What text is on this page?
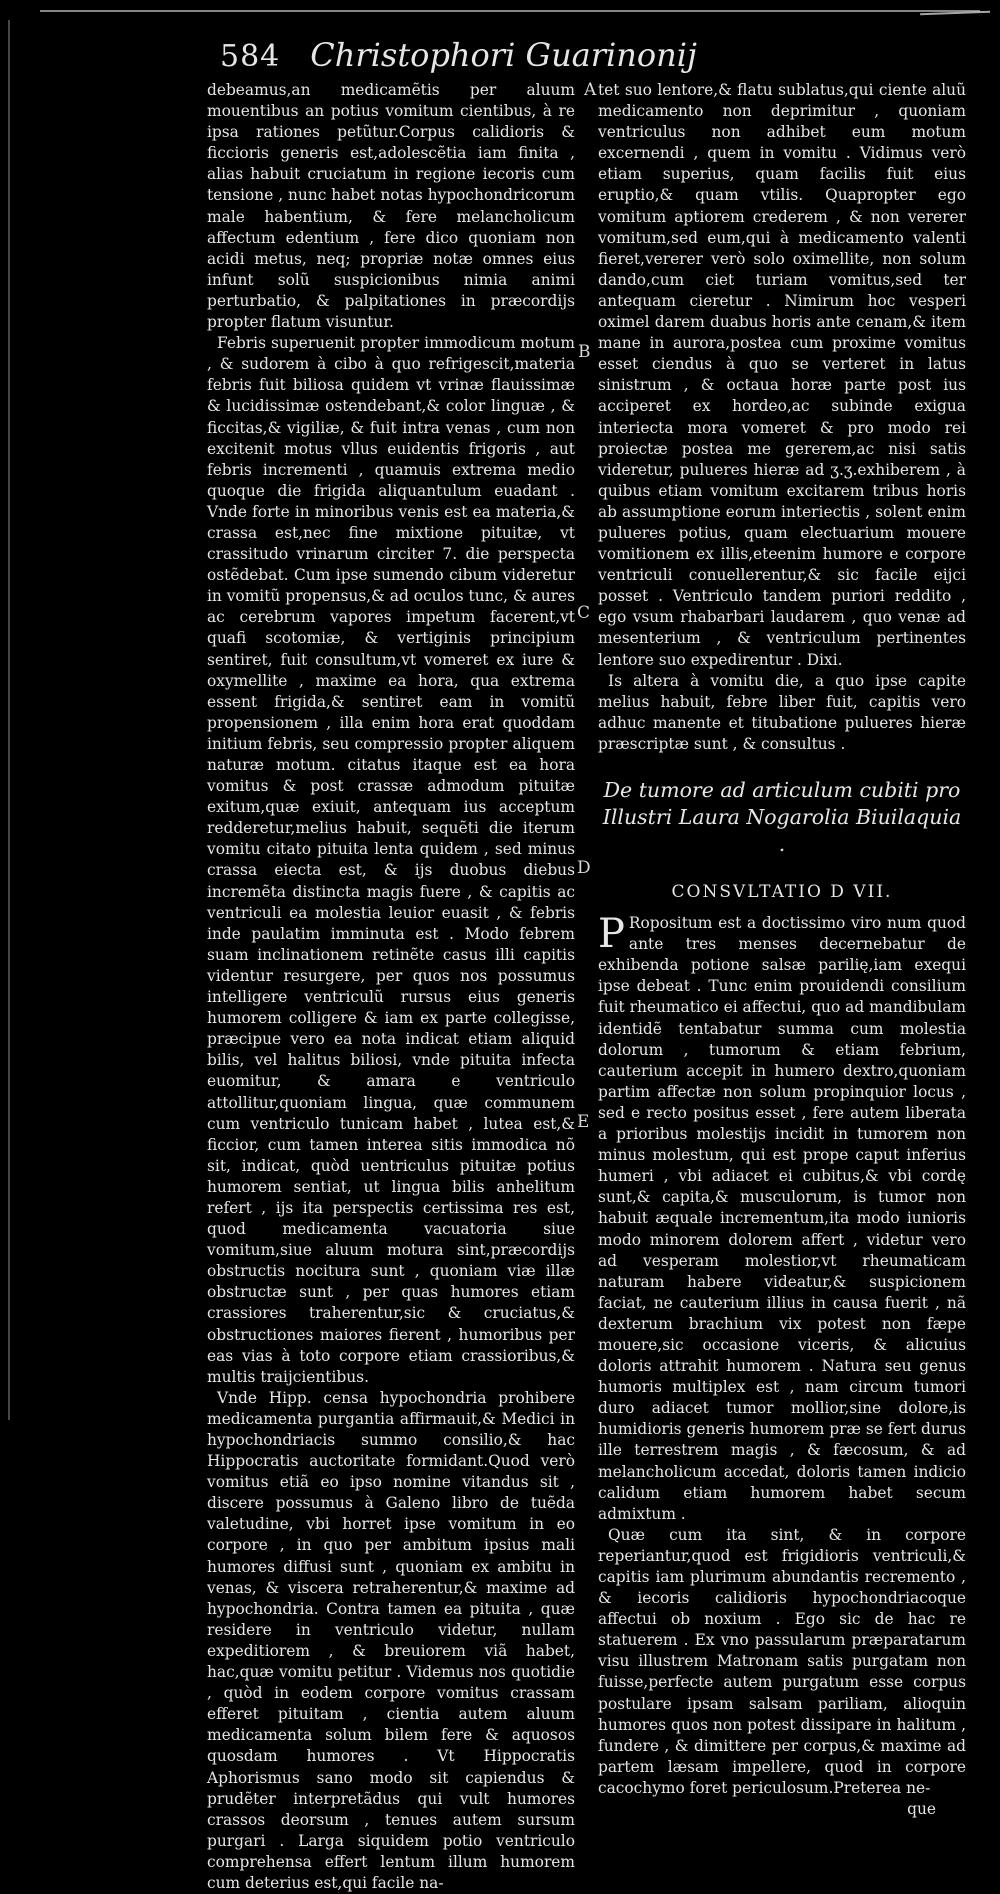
584 Christophori Guarinonij
A
B
C
D
E

debeamus,an medicamẽtis per aluum mouentibus an potius vomitum cientibus, à re ipsa rationes petũtur.Corpus calidioris & ficcioris generis est,adolescẽtia iam finita , alias habuit cruciatum in regione iecoris cum tensione , nunc habet notas hypochondricorum male habentium, & fere melancholicum affectum edentium , fere dico quoniam non acidi metus, neq; propriæ notæ omnes eius infunt solũ suspicionibus nimia animi perturbatio, & palpitationes in præcordijs propter flatum visuntur.

Febris superuenit propter immodicum motum , & sudorem à cibo à quo refrigescit,materia febris fuit biliosa quidem vt vrinæ flauissimæ & lucidissimæ ostendebant,& color linguæ , & ficcitas,& vigiliæ, & fuit intra venas , cum non excitenit motus vllus euidentis frigoris , aut febris incrementi , quamuis extrema medio quoque die frigida aliquantulum euadant . Vnde forte in minoribus venis est ea materia,& crassa est,nec fine mixtione pituitæ, vt crassitudo vrinarum circiter 7. die perspecta ostẽdebat. Cum ipse sumendo cibum videretur in vomitũ propensus,& ad oculos tunc, & aures ac cerebrum vapores impetum facerent,vt quafi scotomiæ, & vertiginis principium sentiret, fuit consultum,vt vomeret ex iure & oxymellite , maxime ea hora, qua extrema essent frigida,& sentiret eam in vomitũ propensionem , illa enim hora erat quoddam initium febris, seu compressio propter aliquem naturæ motum. citatus itaque est ea hora vomitus & post crassæ admodum pituitæ exitum,quæ exiuit, antequam ius acceptum redderetur,melius habuit, sequẽti die iterum vomitu citato pituita lenta quidem , sed minus crassa eiecta est, & ijs duobus diebus incremẽta distincta magis fuere , & capitis ac ventriculi ea molestia leuior euasit , & febris inde paulatim imminuta est . Modo febrem suam inclinationem retinẽte casus illi capitis videntur resurgere, per quos nos possumus intelligere ventriculũ rursus eius generis humorem colligere & iam ex parte collegisse, præcipue vero ea nota indicat etiam aliquid bilis, vel halitus biliosi, vnde pituita infecta euomitur, & amara e ventriculo attollitur,quoniam lingua, quæ communem cum ventriculo tunicam habet , lutea est,& ficcior, cum tamen interea sitis immodica nõ sit, indicat, quòd uentriculus pituitæ potius humorem sentiat, ut lingua bilis anhelitum refert , ijs ita perspectis certissima res est, quod medicamenta vacuatoria siue vomitum,siue aluum motura sint,præcordijs obstructis nocitura sunt , quoniam viæ illæ obstructæ sunt , per quas humores etiam crassiores traherentur,sic & cruciatus,& obstructiones maiores fierent , humoribus per eas vias à toto corpore etiam crassioribus,& multis traijcientibus.

Vnde Hipp. censa hypochondria prohibere medicamenta purgantia affirmauit,& Medici in hypochondriacis summo consilio,& hac Hippocratis auctoritate formidant.Quod verò vomitus etiã eo ipso nomine vitandus sit , discere possumus à Galeno libro de tuẽda valetudine, vbi horret ipse vomitum in eo corpore , in quo per ambitum ipsius mali humores diffusi sunt , quoniam ex ambitu in venas, & viscera retraherentur,& maxime ad hypochondria. Contra tamen ea pituita , quæ residere in ventriculo videtur, nullam expeditiorem , & breuiorem viã habet, hac,quæ vomitu petitur . Videmus nos quotidie , quòd in eodem corpore vomitus crassam efferet pituitam , cientia autem aluum medicamenta solum bilem fere & aquosos quosdam humores . Vt Hippocratis Aphorismus sano modo sit capiendus & prudẽter interpretãdus qui vult humores crassos deorsum , tenues autem sursum purgari . Larga siquidem potio ventriculo comprehensa effert lentum illum humorem cum deterius est,qui facile na-

tet suo lentore,& flatu sublatus,qui ciente aluũ medicamento non deprimitur , quoniam ventriculus non adhibet eum motum excernendi , quem in vomitu . Vidimus verò etiam superius, quam facilis fuit eius eruptio,& quam vtilis. Quapropter ego vomitum aptiorem crederem , & non vererer vomitum,sed eum,qui à medicamento valenti fieret,vererer verò solo oximellite, non solum dando,cum ciet turiam vomitus,sed ter antequam cieretur . Nimirum hoc vesperi oximel darem duabus horis ante cenam,& item mane in aurora,postea cum proxime vomitus esset ciendus à quo se verteret in latus sinistrum , & octaua horæ parte post ius acciperet ex hordeo,ac subinde exigua interiecta mora vomeret & pro modo rei proiectæ postea me gererem,ac nisi satis videretur, pulueres hieræ ad ʒ.ʒ.exhiberem , à quibus etiam vomitum excitarem tribus horis ab assumptione eorum interiectis , solent enim pulueres potius, quam electuarium mouere vomitionem ex illis,eteenim humore e corpore ventriculi conuellerentur,& sic facile eijci posset . Ventriculo tandem puriori reddito , ego vsum rhabarbari laudarem , quo venæ ad mesenterium , & ventriculum pertinentes lentore suo expedirentur . Dixi.

Is altera à vomitu die, a quo ipse capite melius habuit, febre liber fuit, capitis vero adhuc manente et titubatione pulueres hieræ præscriptæ sunt , & consultus .

De tumore ad articulum cubiti pro Illustri Laura Nogarolia Biuilaquia .
CONSVLTATIO D VII.

P Ropositum est a doctissimo viro num quod ante tres menses decernebatur de exhibenda potione salsæ parilię,iam exequi ipse debeat . Tunc enim prouidendi consilium fuit rheumatico ei affectui, quo ad mandibulam identidẽ tentabatur summa cum molestia dolorum , tumorum & etiam febrium, cauterium accepit in humero dextro,quoniam partim affectæ non solum propinquior locus , sed e recto positus esset , fere autem liberata a prioribus molestijs incidit in tumorem non minus molestum, qui est prope caput inferius humeri , vbi adiacet ei cubitus,& vbi cordę sunt,& capita,& musculorum, is tumor non habuit æquale incrementum,ita modo iunioris modo minorem dolorem affert , videtur vero ad vesperam molestior,vt rheumaticam naturam habere videatur,& suspicionem faciat, ne cauterium illius in causa fuerit , nã dexterum brachium vix potest non fæpe mouere,sic occasione viceris, & alicuius doloris attrahit humorem . Natura seu genus humoris multiplex est , nam circum tumori duro adiacet tumor mollior,sine dolore,is humidioris generis humorem præ se fert durus ille terrestrem magis , & fæcosum, & ad melancholicum accedat, doloris tamen indicio calidum etiam humorem habet secum admixtum .

Quæ cum ita sint, & in corpore reperiantur,quod est frigidioris ventriculi,& capitis iam plurimum abundantis recremento , & iecoris calidioris hypochondriacoque affectui ob noxium . Ego sic de hac re statuerem . Ex vno passularum præparatarum visu illustrem Matronam satis purgatam non fuisse,perfecte autem purgatum esse corpus postulare ipsam salsam pariliam, alioquin humores quos non potest dissipare in halitum , fundere , & dimittere per corpus,& maxime ad partem læsam impellere, quod in corpore cacochymo foret periculosum.Preterea ne-

que
